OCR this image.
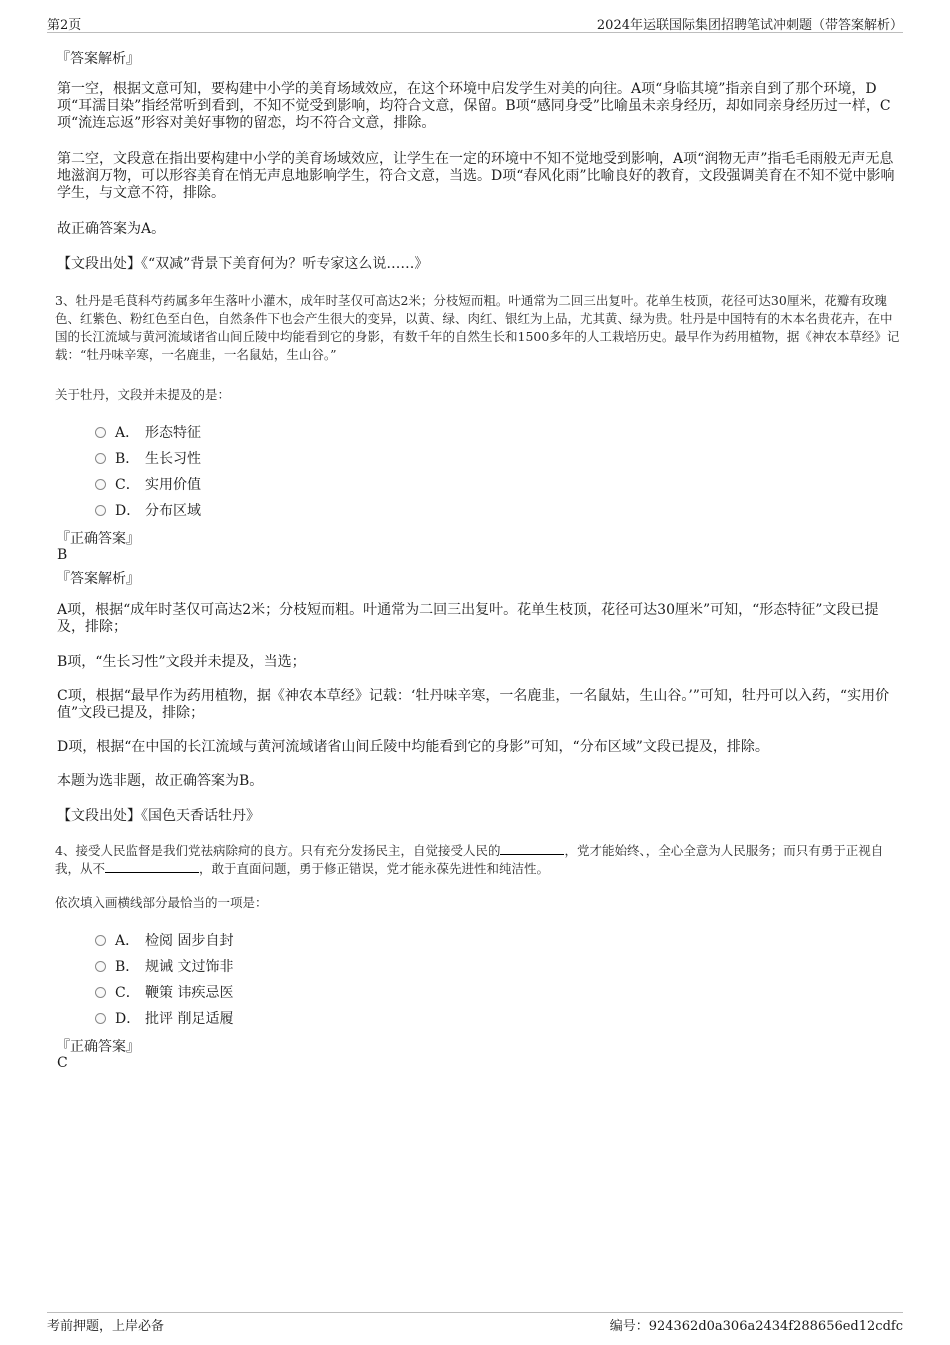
第2页	2024年运联国际集团招聘笔试冲刺题（带答案解析）
『答案解析』
第一空，根据文意可知，要构建中小学的美育场域效应，在这个环境中启发学生对美的向往。A项“身临其境”指亲自到了那个环境，D项“耳濡目染”指经常听到看到，不知不觉受到影响，均符合文意，保留。B项“感同身受”比喻虽未亲身经历，却如同亲身经历过一样，C项“流连忘返”形容对美好事物的留恋，均不符合文意，排除。
第二空，文段意在指出要构建中小学的美育场域效应，让学生在一定的环境中不知不觉地受到影响，A项“润物无声”指毛毛雨般无声无息地滋润万物，可以形容美育在悄无声息地影响学生，符合文意，当选。D项“春风化雨”比喻良好的教育，文段强调美育在不知不觉中影响学生，与文意不符，排除。
故正确答案为A。
【文段出处】《“双减”背景下美育何为？听专家这么说……》
3、牡丹是毛茛科芍药属多年生落叶小灌木，成年时茎仅可高达2米；分枝短而粗。叶通常为二回三出复叶。花单生枝顶，花径可达30厘米，花瓣有玫瑰色、红紫色、粉红色至白色，自然条件下也会产生很大的变异，以黄、绿、肉红、银红为上品，尤其黄、绿为贵。牡丹是中国特有的木本名贵花卉，在中国的长江流域与黄河流域诸省山间丘陵中均能看到它的身影，有数千年的自然生长和1500多年的人工栽培历史。最早作为药用植物，据《神农本草经》记载：“牡丹味辛寒，一名鹿韭，一名鼠姑，生山谷。”
关于牡丹，文段并未提及的是：
A． 形态特征
B． 生长习性
C． 实用价值
D． 分布区域
『正确答案』
B
『答案解析』
A项，根据“成年时茎仅可高达2米；分枝短而粗。叶通常为二回三出复叶。花单生枝顶，花径可达30厘米”可知，“形态特征”文段已提及，排除；
B项，“生长习性”文段并未提及，当选；
C项，根据“最早作为药用植物，据《神农本草经》记载：‘牡丹味辛寒，一名鹿韭，一名鼠姑，生山谷。’”可知，牡丹可以入药，“实用价值”文段已提及，排除；
D项，根据“在中国的长江流域与黄河流域诸省山间丘陵中均能看到它的身影”可知，“分布区域”文段已提及，排除。
本题为选非题，故正确答案为B。
【文段出处】《国色天香话牡丹》
4、接受人民监督是我们党祛病除疴的良方。只有充分发扬民主，自觉接受人民的	，党才能始终、，全心全意为人民服务；而只有勇于正视自我，从不	，敢于直面问题，勇于修正错误，党才能永葆先进性和纯洁性。
依次填入画横线部分最恰当的一项是：
A． 检阅 固步自封
B． 规诫 文过饰非
C． 鞭策 讳疾忌医
D． 批评 削足适履
『正确答案』
C
考前押题，上岸必备	编号：924362d0a306a2434f288656ed12cdfc
